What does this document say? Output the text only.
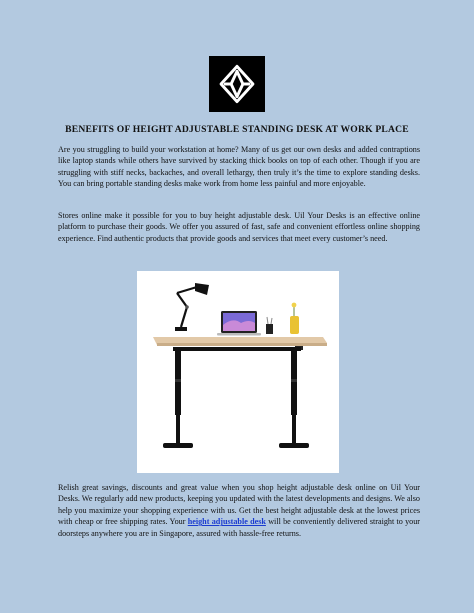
BENEFITS OF HEIGHT ADJUSTABLE STANDING DESK AT WORK PLACE

Are you struggling to build your workstation at home? Many of us get our own desks and added contraptions like laptop stands while others have survived by stacking thick books on top of each other. Though if you are struggling with stiff necks, backaches, and overall lethargy, then truly it’s the time to explore standing desks. You can bring portable standing desks make work from home less painful and more enjoyable.

Stores online make it possible for you to buy height adjustable desk. Uil Your Desks is an effective online platform to purchase their goods. We offer you assured of fast, safe and convenient effortless online shopping experience. Find authentic products that provide goods and services that meet every customer’s need.

Relish great savings, discounts and great value when you shop height adjustable desk online on Uil Your Desks. We regularly add new products, keeping you updated with the latest developments and designs. We also help you maximize your shopping experience with us. Get the best height adjustable desk at the lowest prices with cheap or free shipping rates. Your height adjustable desk will be conveniently delivered straight to your doorsteps anywhere you are in Singapore, assured with hassle-free returns.
